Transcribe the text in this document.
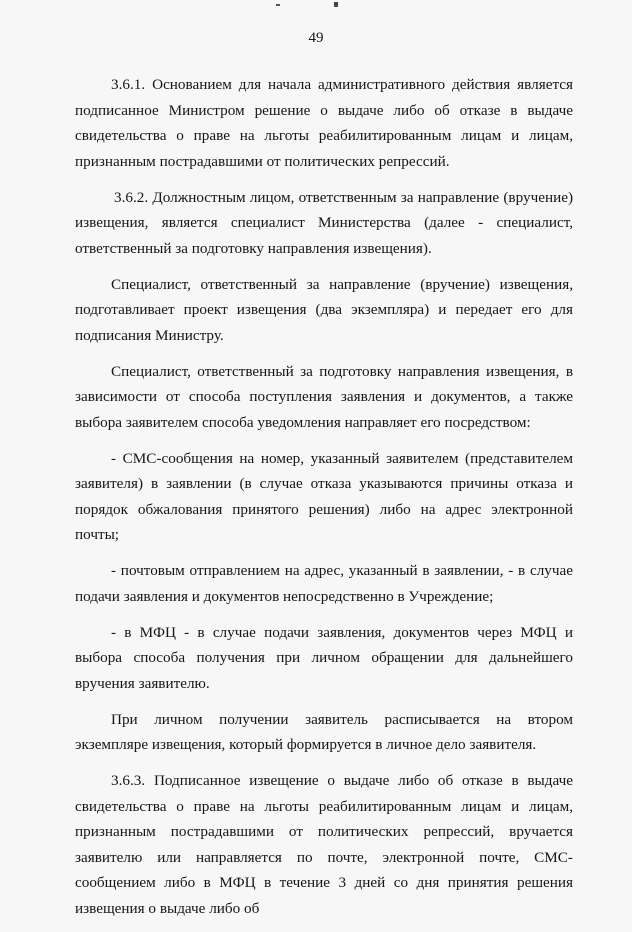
49

3.6.1. Основанием для начала административного действия является подписанное Министром решение о выдаче либо об отказе в выдаче свидетельства о праве на льготы реабилитированным лицам и лицам, признанным пострадавшими от политических репрессий.

3.6.2. Должностным лицом, ответственным за направление (вручение) извещения, является специалист Министерства (далее - специалист, ответственный за подготовку направления извещения).

Специалист, ответственный за направление (вручение) извещения, подготавливает проект извещения (два экземпляра) и передает его для подписания Министру.

Специалист, ответственный за подготовку направления извещения, в зависимости от способа поступления заявления и документов, а также выбора заявителем способа уведомления направляет его посредством:

- СМС-сообщения на номер, указанный заявителем (представителем заявителя) в заявлении (в случае отказа указываются причины отказа и порядок обжалования принятого решения) либо на адрес электронной почты;

- почтовым отправлением на адрес, указанный в заявлении, - в случае подачи заявления и документов непосредственно в Учреждение;

- в МФЦ - в случае подачи заявления, документов через МФЦ и выбора способа получения при личном обращении для дальнейшего вручения заявителю.

При личном получении заявитель расписывается на втором экземпляре извещения, который формируется в личное дело заявителя.

3.6.3. Подписанное извещение о выдаче либо об отказе в выдаче свидетельства о праве на льготы реабилитированным лицам и лицам, признанным пострадавшими от политических репрессий, вручается заявителю или направляется по почте, электронной почте, СМС-сообщением либо в МФЦ в течение 3 дней со дня принятия решения извещения о выдаче либо об
